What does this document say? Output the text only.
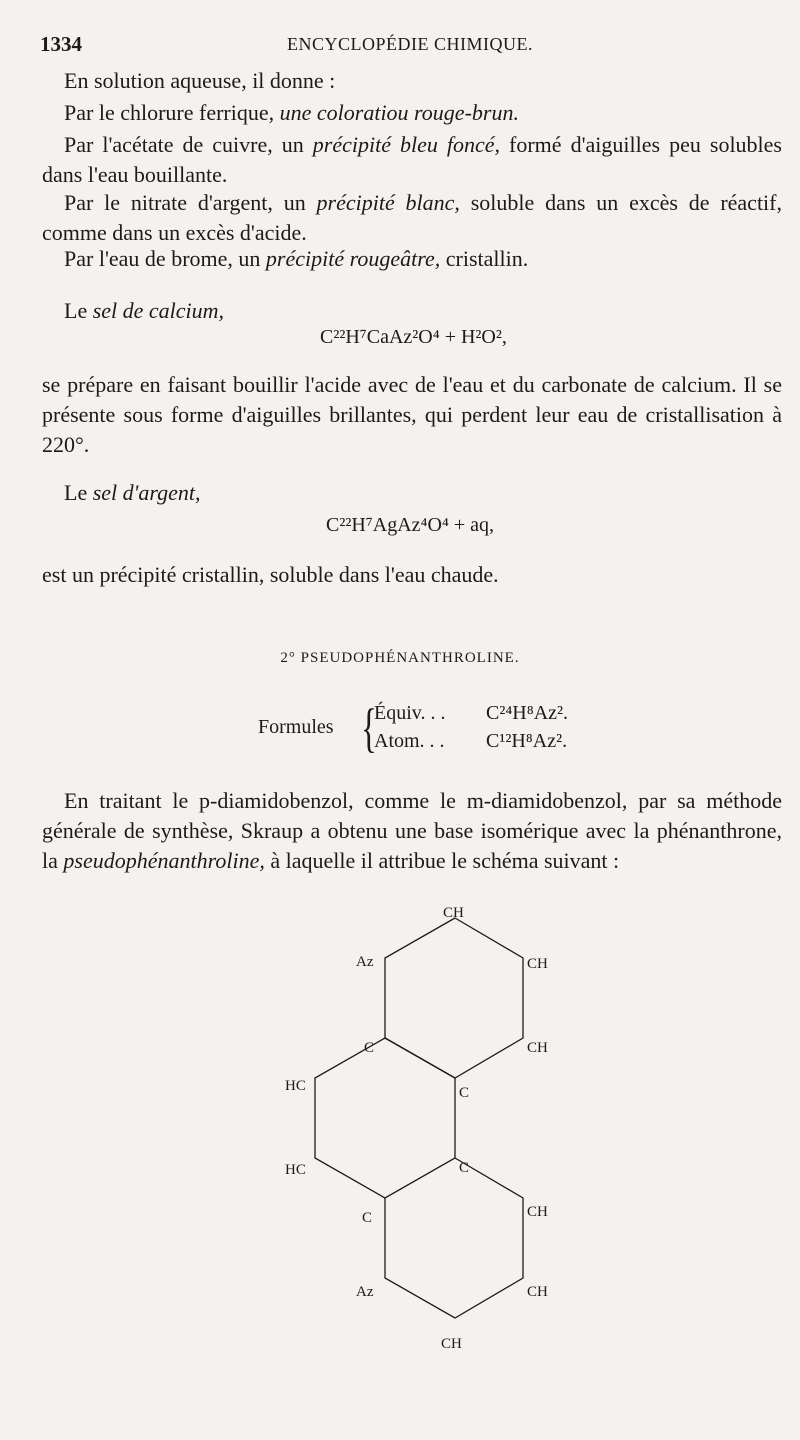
1334	ENCYCLOPÉDIE CHIMIQUE.
En solution aqueuse, il donne :
Par le chlorure ferrique, une coloratiou rouge-brun.
Par l'acétate de cuivre, un précipité bleu foncé, formé d'aiguilles peu solubles dans l'eau bouillante.
Par le nitrate d'argent, un précipité blanc, soluble dans un excès de réactif, comme dans un excès d'acide.
Par l'eau de brome, un précipité rougeâtre, cristallin.
Le sel de calcium,
C²²H⁷CaAz²O⁴ + H²O²,
se prépare en faisant bouillir l'acide avec de l'eau et du carbonate de calcium. Il se présente sous forme d'aiguilles brillantes, qui perdent leur eau de cristallisation à 220°.
Le sel d'argent,
C²²H⁷AgAz⁴O⁴ + aq,
est un précipité cristallin, soluble dans l'eau chaude.
2° PSEUDOPHÉNANTHROLINE.
Formules {
Équiv. . . C²⁴H⁸Az².
Atom. . . C¹²H⁸Az².
En traitant le p-diamidobenzol, comme le m-diamidobenzol, par sa méthode générale de synthèse, Skraup a obtenu une base isomérique avec la phénanthrone, la pseudophénanthroline, à laquelle il attribue le schéma suivant :
CH
Az	CH
C	CH
HC	C
HC	C
C	CH
Az	CH
CH
